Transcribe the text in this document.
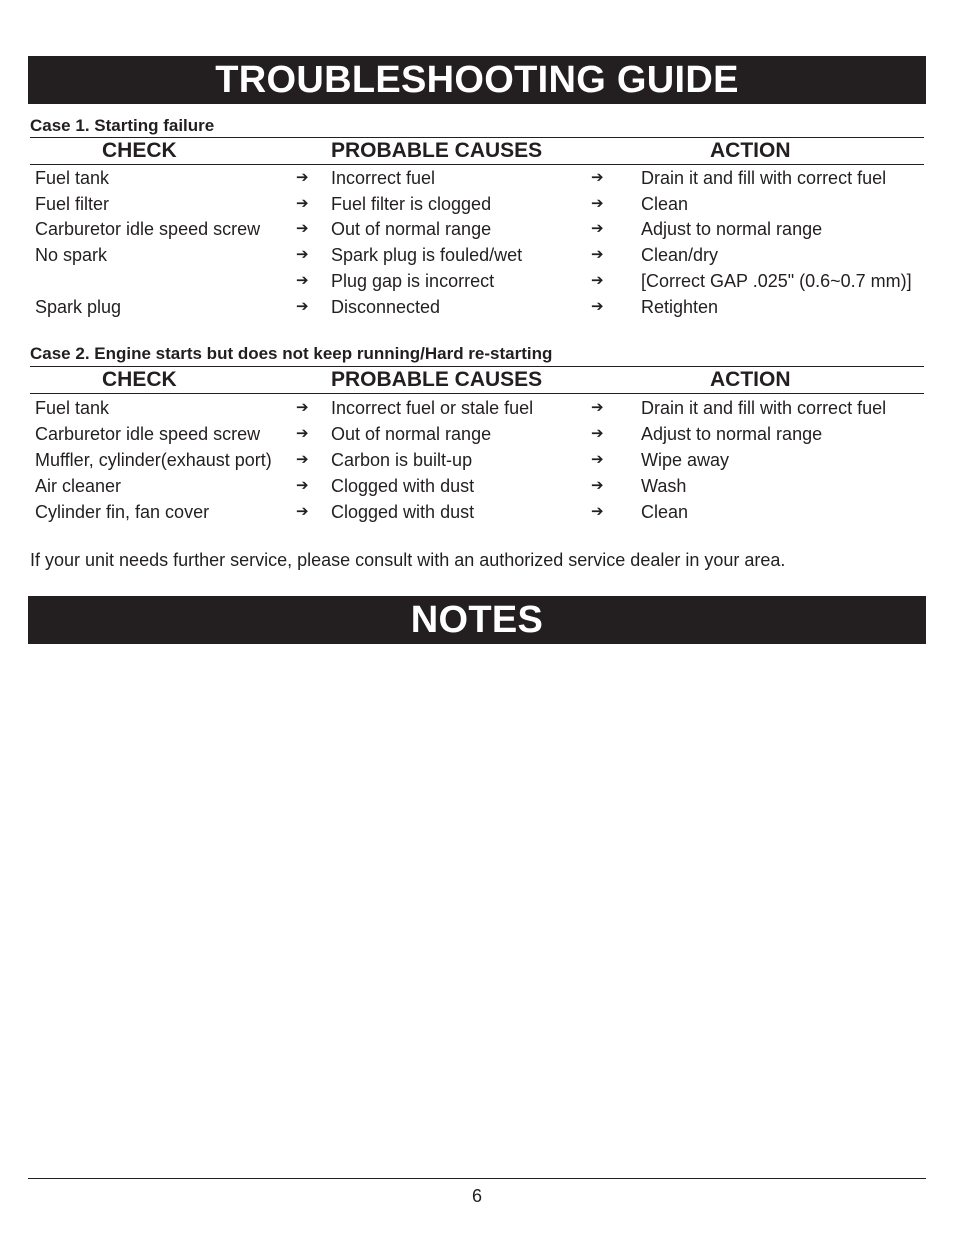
TROUBLESHOOTING GUIDE
Case 1. Starting failure
CHECK	PROBABLE CAUSES	ACTION
Fuel tank	➔ Incorrect fuel	➔ Drain it and fill with correct fuel
Fuel filter	➔ Fuel filter is clogged	➔ Clean
Carburetor idle speed screw ➔ Out of normal range	➔ Adjust to normal range
No spark	➔ Spark plug is fouled/wet	➔ Clean/dry
➔ Plug gap is incorrect	➔ [Correct GAP .025" (0.6~0.7 mm)]
Spark plug	➔ Disconnected	➔ Retighten
Case 2. Engine starts but does not keep running/Hard re-starting
CHECK	PROBABLE CAUSES	ACTION
Fuel tank	➔ Incorrect fuel or stale fuel	➔ Drain it and fill with correct fuel
Carburetor idle speed screw ➔ Out of normal range	➔ Adjust to normal range
Muffler, cylinder(exhaust port) ➔ Carbon is built-up	➔ Wipe away
Air cleaner	➔ Clogged with dust	➔ Wash
Cylinder fin, fan cover	➔ Clogged with dust	➔ Clean
If your unit needs further service, please consult with an authorized service dealer in your area.
NOTES
6
